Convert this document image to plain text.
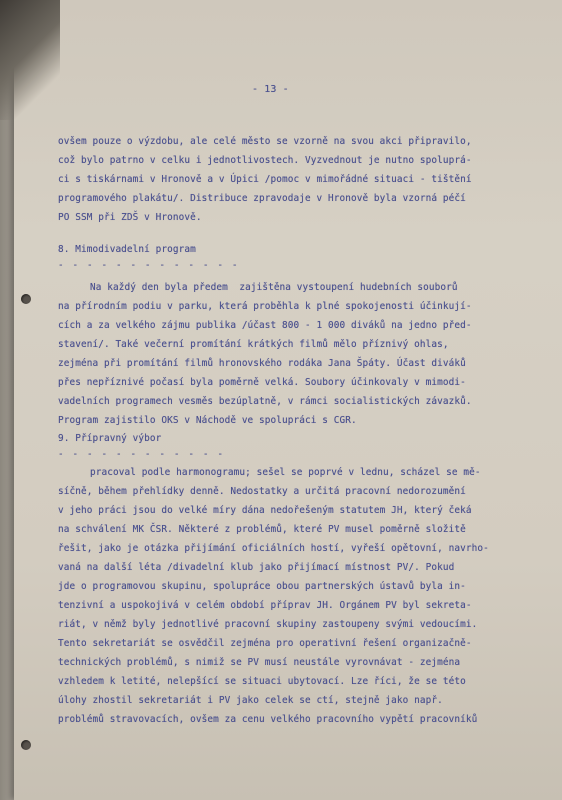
- 13 -
ovšem pouze o výzdobu, ale celé město se vzorně na svou akci připravilo,
což bylo patrno v celku i jednotlivostech. Vyzvednout je nutno spoluprá-
ci s tiskárnami v Hronově a v Úpici /pomoc v mimořádné situaci - tištění
programového plakátu/. Distribuce zpravodaje v Hronově byla vzorná péčí
PO SSM při ZDŠ v Hronově.
8. Mimodivadelní program
- - - - - - - - - - - - -
Na každý den byla předem  zajištěna vystoupení hudebních souborů
na přírodním podiu v parku, která proběhla k plné spokojenosti účinkují-
cích a za velkého zájmu publika /účast 800 - 1 000 diváků na jedno před-
stavení/. Také večerní promítání krátkých filmů mělo příznivý ohlas,
zejména při promítání filmů hronovského rodáka Jana Špáty. Účast diváků
přes nepříznivé počasí byla poměrně velká. Soubory účinkovaly v mimodi-
vadelních programech vesměs bezúplatně, v rámci socialistických závazků.
Program zajistilo OKS v Náchodě ve spolupráci s CGR.
9. Přípravný výbor
- - - - - - - - - - - -
pracoval podle harmonogramu; sešel se poprvé v lednu, scházel se mě-
síčně, během přehlídky denně. Nedostatky a určitá pracovní nedorozumění
v jeho práci jsou do velké míry dána nedořešeným statutem JH, který čeká
na schválení MK ČSR. Některé z problémů, které PV musel poměrně složitě
řešit, jako je otázka přijímání oficiálních hostí, vyřeší opětovní, navrho-
vaná na další léta /divadelní klub jako přijímací místnost PV/. Pokud
jde o programovou skupinu, spolupráce obou partnerských ústavů byla in-
tenzivní a uspokojivá v celém období příprav JH. Orgánem PV byl sekreta-
riát, v němž byly jednotlivé pracovní skupiny zastoupeny svými vedoucími.
Tento sekretariát se osvědčil zejména pro operativní řešení organizačně-
technických problémů, s nimiž se PV musí neustále vyrovnávat - zejména
vzhledem k letité, nelepšící se situaci ubytovací. Lze říci, že se této
úlohy zhostil sekretariát i PV jako celek se ctí, stejně jako např.
problémů stravovacích, ovšem za cenu velkého pracovního vypětí pracovníků
